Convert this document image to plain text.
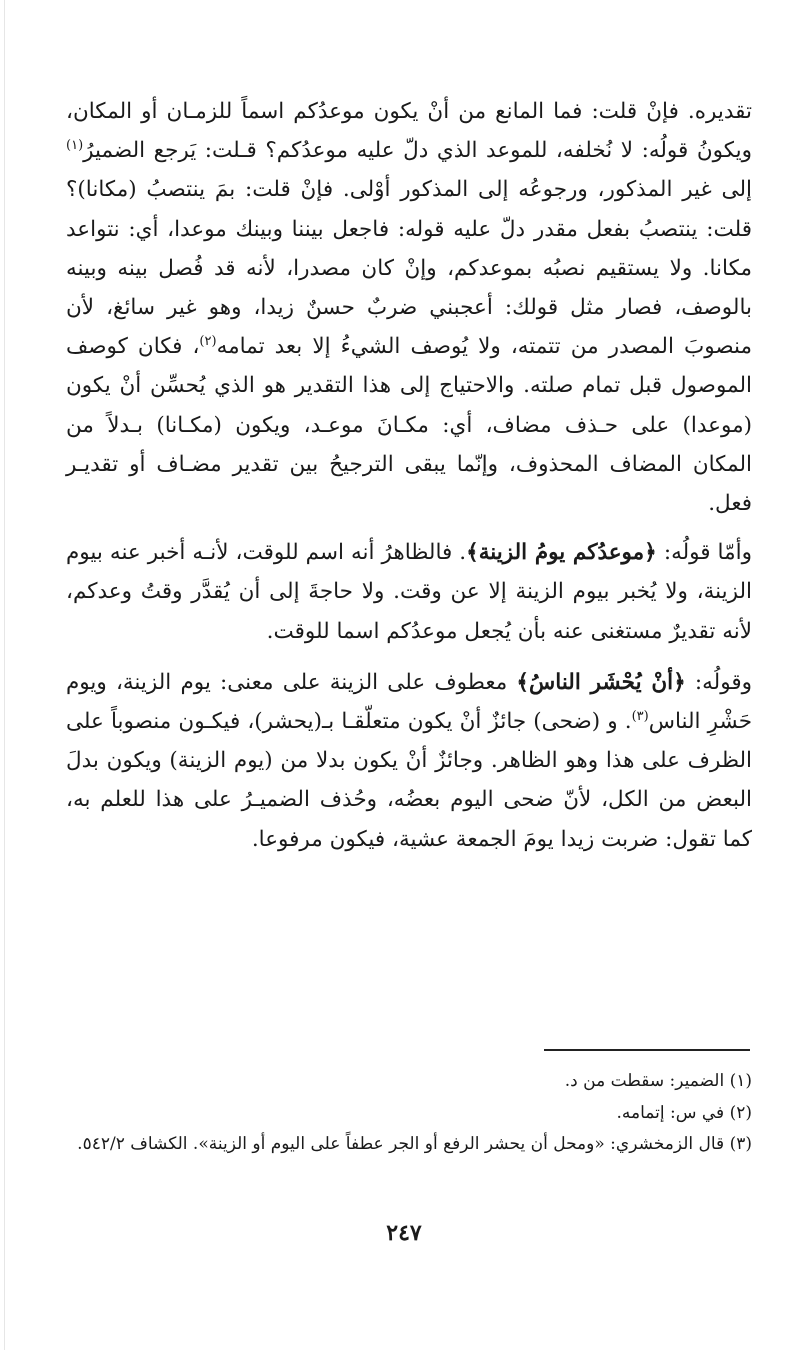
تقديره. فإنْ قلت: فما المانع من أنْ يكون موعدُكم اسماً للزمـان أو المكان، ويكونُ قولُه: لا نُخلفه، للموعد الذي دلّ عليه موعدُكم؟ قـلت: يَرجع الضميرُ$^{(١)}$ إلى غير المذكور، ورجوعُه إلى المذكور أوْلى. فإنْ قلت: بمَ ينتصبُ (مكانا)؟ قلت: ينتصبُ بفعل مقدر دلّ عليه قوله: فاجعل بيننا وبينك موعدا، أي: نتواعد مكانا. ولا يستقيم نصبُه بموعدكم، وإنْ كان مصدرا، لأنه قد فُصل بينه وبينه بالوصف، فصار مثل قولك: أعجبني ضربٌ حسنٌ زيدا، وهو غير سائغ، لأن منصوبَ المصدر من تتمته، ولا يُوصف الشيءُ إلا بعد تمامه$^{(٢)}$، فكان كوصف الموصول قبل تمام صلته. والاحتياج إلى هذا التقدير هو الذي يُحسِّن أنْ يكون (موعدا) على حـذف مضاف، أي: مكـانَ موعـد، ويكون (مكـانا) بـدلاً من المكان المضاف المحذوف، وإنّما يبقى الترجيحُ بين تقدير مضـاف أو تقديـر فعل.

وأمّا قولُه: ﴿موعدُكم يومُ الزينة﴾. فالظاهرُ أنه اسم للوقت، لأنـه أخبر عنه بيوم الزينة، ولا يُخبر بيوم الزينة إلا عن وقت. ولا حاجةَ إلى أن يُقدَّر وقتُ وعدكم، لأنه تقديرٌ مستغنى عنه بأن يُجعل موعدُكم اسما للوقت.

وقولُه: ﴿أنْ يُحْشَر الناسُ﴾ معطوف على الزينة على معنى: يوم الزينة، ويوم حَشْرِ الناس$^{(٣)}$. و (ضحى) جائزٌ أنْ يكون متعلّقـا بـ(يحشر)، فيكـون منصوباً على الظرف على هذا وهو الظاهر. وجائزٌ أنْ يكون بدلا من (يوم الزينة) ويكون بدلَ البعض من الكل، لأنّ ضحى اليوم بعضُه، وحُذف الضميـرُ على هذا للعلم به، كما تقول: ضربت زيدا يومَ الجمعة عشية، فيكون مرفوعا.

(١) الضمير: سقطت من د.

(٢) في س: إتمامه.

(٣) قال الزمخشري: «ومحل أن يحشر الرفع أو الجر عطفاً على اليوم أو الزينة». الكشاف ٥٤٢/٢.

٢٤٧
